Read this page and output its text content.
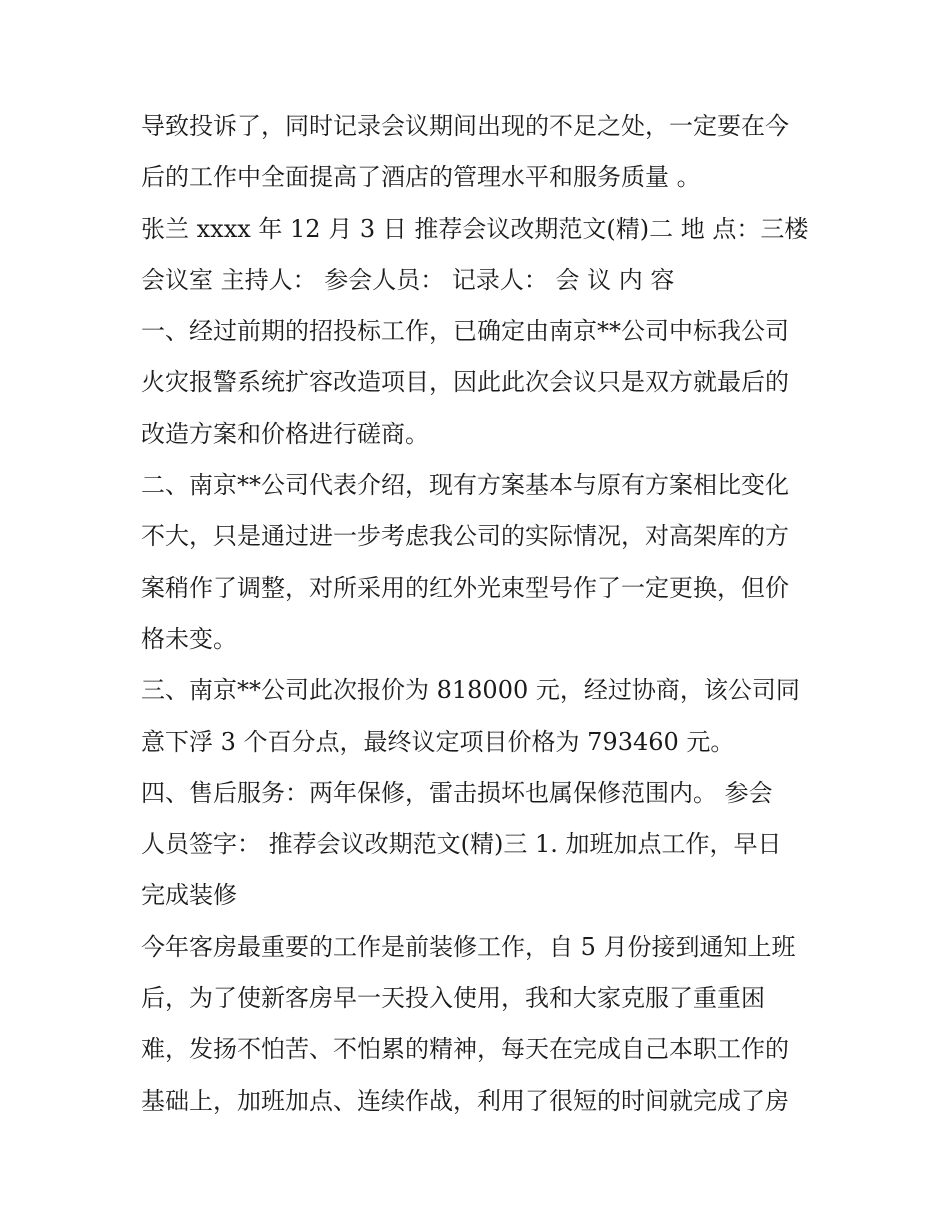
导致投诉了，同时记录会议期间出现的不足之处，一定要在今
后的工作中全面提高了酒店的管理水平和服务质量 。
张兰 xxxx 年 12 月 3 日 推荐会议改期范文(精)二 地 点：三楼
会议室 主持人： 参会人员： 记录人： 会 议 内 容
一、经过前期的招投标工作，已确定由南京**公司中标我公司
火灾报警系统扩容改造项目，因此此次会议只是双方就最后的
改造方案和价格进行磋商。
二、南京**公司代表介绍，现有方案基本与原有方案相比变化
不大，只是通过进一步考虑我公司的实际情况，对高架库的方
案稍作了调整，对所采用的红外光束型号作了一定更换，但价
格未变。
三、南京**公司此次报价为 818000 元，经过协商，该公司同
意下浮 3 个百分点，最终议定项目价格为 793460 元。
四、售后服务：两年保修，雷击损坏也属保修范围内。 参会
人员签字： 推荐会议改期范文(精)三 1. 加班加点工作，早日
完成装修
今年客房最重要的工作是前装修工作，自 5 月份接到通知上班
后，为了使新客房早一天投入使用，我和大家克服了重重困
难，发扬不怕苦、不怕累的精神，每天在完成自己本职工作的
基础上，加班加点、连续作战，利用了很短的时间就完成了房
